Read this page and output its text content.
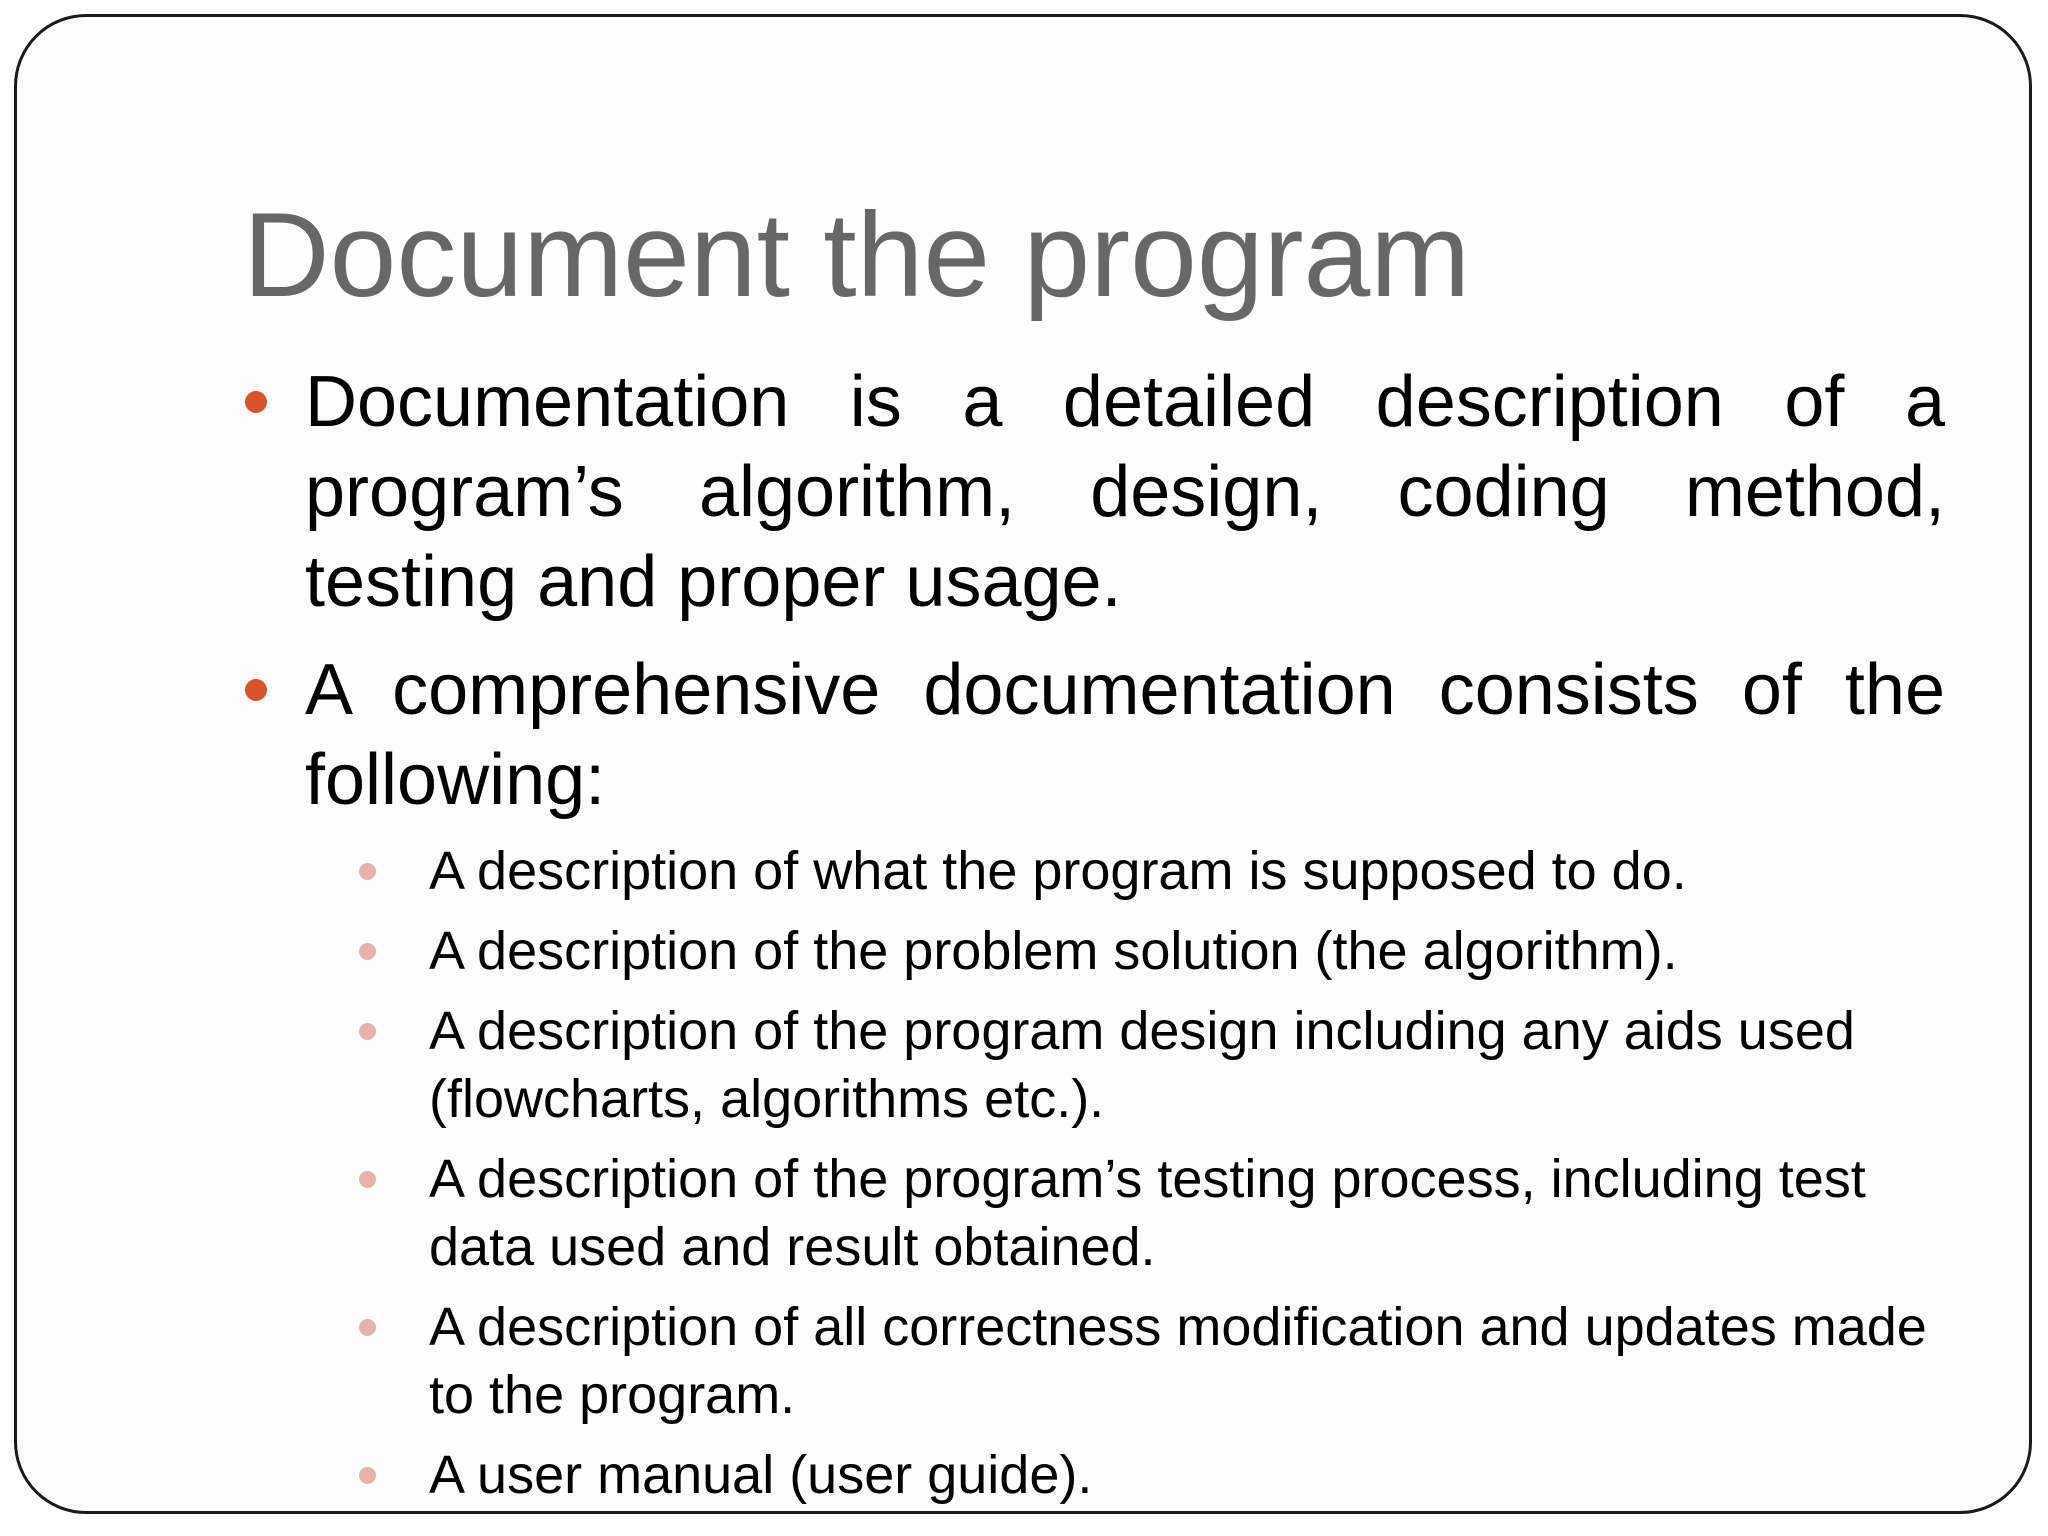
Document the program
Documentation is a detailed description of a program’s algorithm, design, coding method, testing and proper usage.
A comprehensive documentation consists of the following:
A description of what the program is supposed to do.
A description of the problem solution (the algorithm).
A description of the program design including any aids used (flowcharts, algorithms etc.).
A description of the program’s testing process, including test data used and result obtained.
A description of all correctness modification and updates made to the program.
A user manual (user guide).
